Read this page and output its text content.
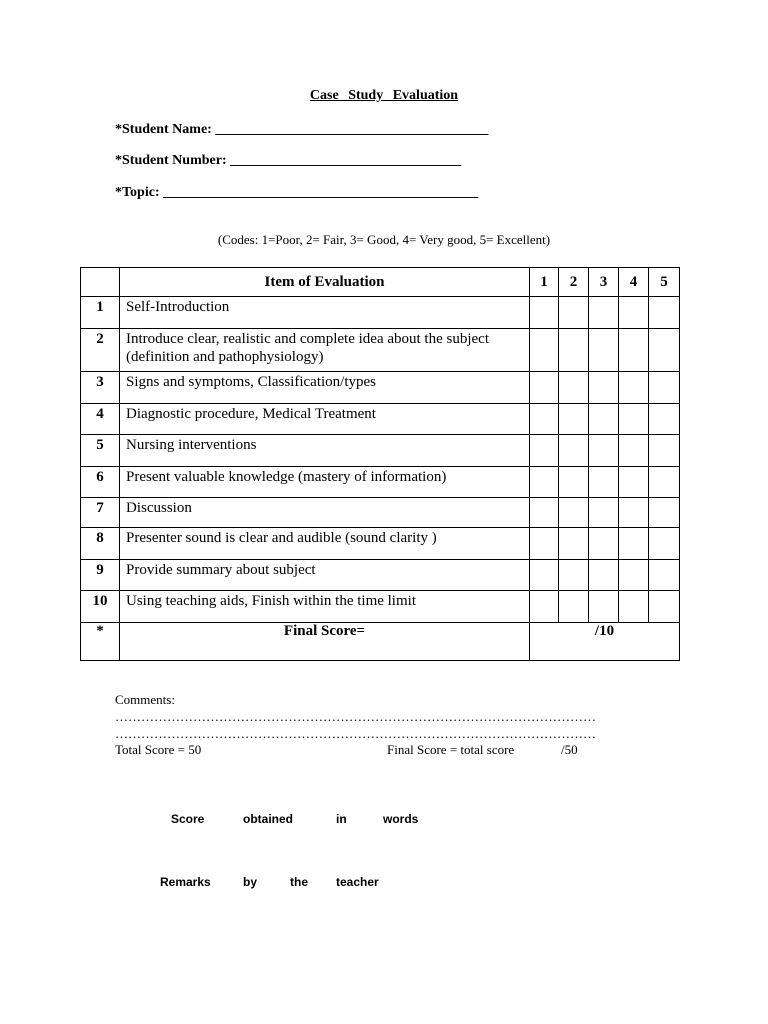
Case Study Evaluation
*Student Name: _______________________________________
*Student Number: _________________________________
*Topic: _____________________________________________
(Codes: 1=Poor, 2= Fair, 3= Good, 4= Very good, 5= Excellent)
	Item of Evaluation	1	2	3	4	5
1	Self-Introduction					
2	Introduce clear, realistic and complete idea about the subject (definition and pathophysiology)					
3	Signs and symptoms, Classification/types					
4	Diagnostic procedure, Medical Treatment					
5	Nursing interventions					
6	Present valuable knowledge (mastery of information)					
7	Discussion					
8	Presenter sound is clear and audible (sound clarity )					
9	Provide summary about subject					
10	Using teaching aids, Finish within the time limit					
*	Final Score=	/10				
Comments:
…………………………………………………………………………………………………
…………………………………………………………………………………………………
Total Score = 50	Final Score = total score	/50
Score	obtained	in	words
Remarks	by	the teacher
